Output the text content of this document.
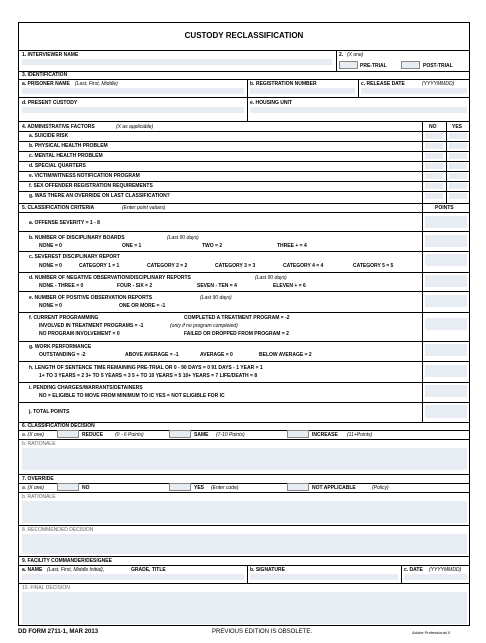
CUSTODY RECLASSIFICATION
1. INTERVIEWER NAME	2. (X one)
PRE-TRIAL	POST-TRIAL
3. IDENTIFICATION
a. PRISONER NAME (Last, First, Middle)	b. REGISTRATION NUMBER	c. RELEASE DATE	(YYYYMMDD)
d. PRESENT CUSTODY	e. HOUSING UNIT
4. ADMINISTRATIVE FACTORS	(X as applicable)	NO	YES
a. SUICIDE RISK
b. PHYSICAL HEALTH PROBLEM
c. MENTAL HEALTH PROBLEM
d. SPECIAL QUARTERS
e. VICTIM/WITNESS NOTIFICATION PROGRAM
f. SEX OFFENDER REGISTRATION REQUIREMENTS
g. WAS THERE AN OVERRIDE ON LAST CLASSIFICATION?
5. CLASSIFICATION CRITERIA	(Enter point values)	POINTS
a. OFFENSE SEVERITY = 1 - 8
b. NUMBER OF DISCIPLINARY BOARDS	(Last 90 days)
NONE = 0	ONE = 1	TWO = 2	THREE + = 4
c. SEVEREST DISCIPLINARY REPORT
NONE = 0	CATEGORY 1 = 1	CATEGORY 2 = 2	CATEGORY 3 = 3	CATEGORY 4 = 4	CATEGORY 5 = 5
d. NUMBER OF NEGATIVE OBSERVATION/DISCIPLINARY REPORTS	(Last 90 days)
NONE - THREE = 0	FOUR - SIX = 2	SEVEN - TEN = 4	ELEVEN + = 6
e. NUMBER OF POSITIVE OBSERVATION REPORTS	(Last 90 days)
NONE = 0	ONE OR MORE = -1
f. CURRENT PROGRAMMING	COMPLETED A TREATMENT PROGRAM = -2
INVOLVED IN TREATMENT PROGRAMS = -1	(only if no program completed)
NO PROGRAM INVOLVEMENT = 0	FAILED OR DROPPED FROM PROGRAM = 2
g. WORK PERFORMANCE
OUTSTANDING = -2	ABOVE AVERAGE = -1	AVERAGE = 0	BELOW AVERAGE = 2
h. LENGTH OF SENTENCE TIME REMAINING PRE-TRIAL OR 0 - 90 DAYS = 0 91 DAYS - 1 YEAR = 1
1+ TO 3 YEARS = 2 3+ TO 5 YEARS = 3 5 + TO 10 YEARS = 5 10+ YEARS = 7 LIFE/DEATH = 8
i. PENDING CHARGES/WARRANTS/DETAINERS
NO = ELIGIBLE TO MOVE FROM MINIMUM TO IC YES = NOT ELIGIBLE FOR IC
j. TOTAL POINTS
6. CLASSIFICATION DECISION
a. (X one)	REDUCE (0 - 6 Points)	SAME (7-10 Points)	INCREASE (11+Points)
b. RATIONALE
7. OVERRIDE
a. (X one)	NO	YES (Enter code)	NOT APPLICABLE	(Policy)
b. RATIONALE
8. RECOMMENDED DECISION
9. FACILITY COMMANDER/DESIGNEE
a. NAME (Last, First, Middle Initial),	GRADE, TITLE	b. SIGNATURE	c. DATE (YYYYMMDD)
10. FINAL DECISION
DD FORM 2711-1, MAR 2013	PREVIOUS EDITION IS OBSOLETE.	Adobe Professional X
